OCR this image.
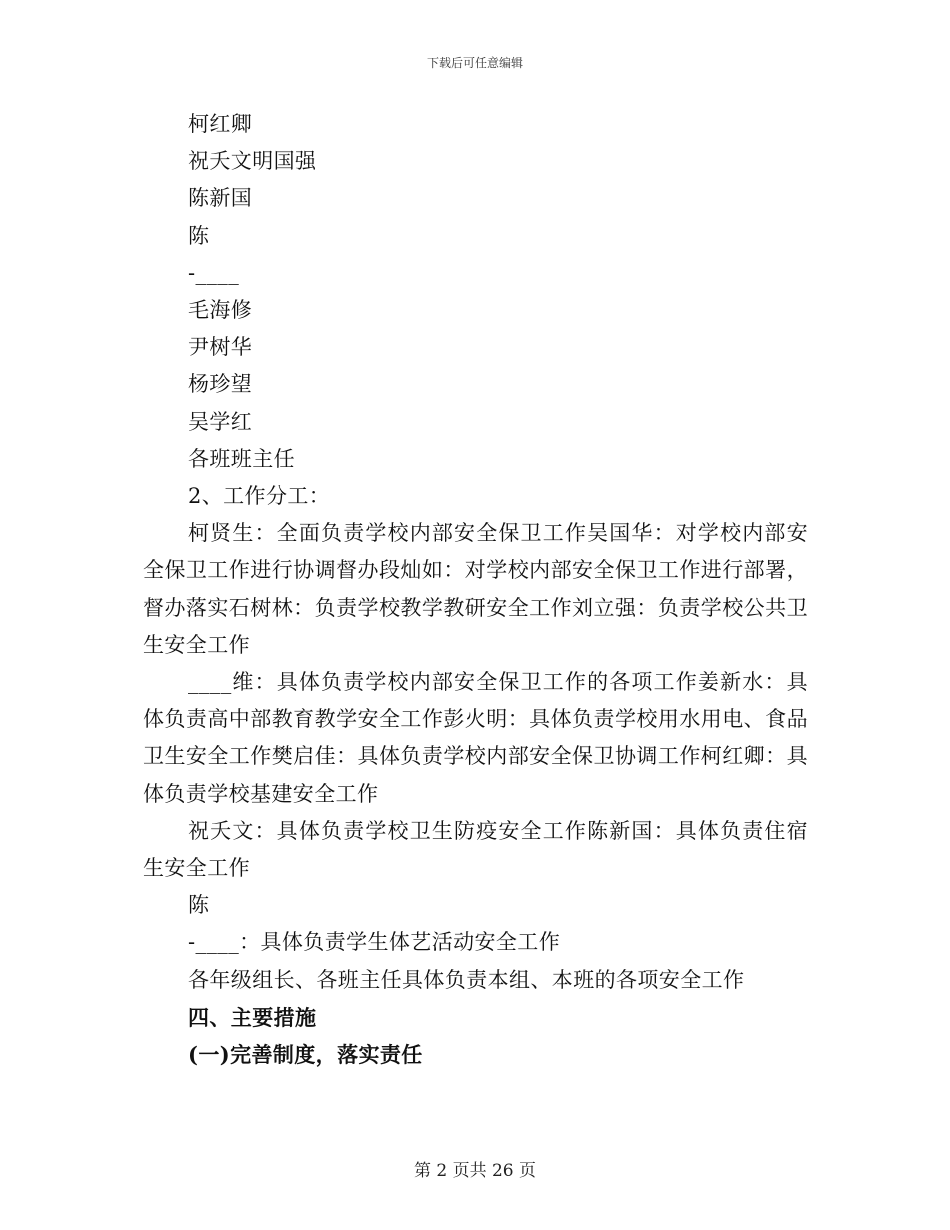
下载后可任意编辑
柯红卿
祝夭文明国强
陈新国
陈
-____
毛海修
尹树华
杨珍望
吴学红
各班班主任
2、工作分工：

柯贤生：全面负责学校内部安全保卫工作吴国华：对学校内部安全保卫工作进行协调督办段灿如：对学校内部安全保卫工作进行部署，督办落实石树林：负责学校教学教研安全工作刘立强：负责学校公共卫生安全工作

____维：具体负责学校内部安全保卫工作的各项工作姜新水：具体负责高中部教育教学安全工作彭火明：具体负责学校用水用电、食品卫生安全工作樊启佳：具体负责学校内部安全保卫协调工作柯红卿：具体负责学校基建安全工作

祝夭文：具体负责学校卫生防疫安全工作陈新国：具体负责住宿生安全工作

陈
-____：具体负责学生体艺活动安全工作
各年级组长、各班主任具体负责本组、本班的各项安全工作
四、主要措施
(一)完善制度，落实责任
第 2 页共 26 页
